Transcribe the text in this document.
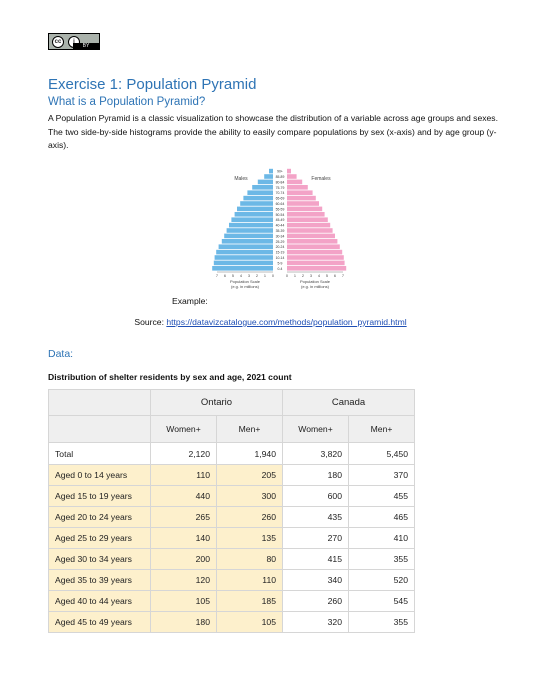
cc	i
BY
Exercise 1: Population Pyramid
What is a Population Pyramid?
A Population Pyramid is a classic visualization to showcase the distribution of a variable across age groups and sexes. The two side-by-side histograms provide the ability to easily compare populations by sex (x-axis) and by age group (y-axis).
0-4
5-9
10-14
15-19
20-24
25-29
30-34
35-39
40-44
45-49
50-54
55-59
60-64
65-69
70-74
75-79
80-84
85-89
90+
7 6 5 4 3 2 1 0	0 1 2 3 4 5 6 7
Males	Females
Population Scale
(e.g. in millions)
Population Scale
(e.g. in millions)
Example:
Source: https://datavizcatalogue.com/methods/population_pyramid.html
Data:
Distribution of shelter residents by sex and age, 2021 count
	Ontario		Canada	
	Women+	Men+	Women+	Men+
Total	2,120	1,940	3,820	5,450
Aged 0 to 14 years	110	205	180	370
Aged 15 to 19 years	440	300	600	455
Aged 20 to 24 years	265	260	435	465
Aged 25 to 29 years	140	135	270	410
Aged 30 to 34 years	200	80	415	355
Aged 35 to 39 years	120	110	340	520
Aged 40 to 44 years	105	185	260	545
Aged 45 to 49 years	180	105	320	355
